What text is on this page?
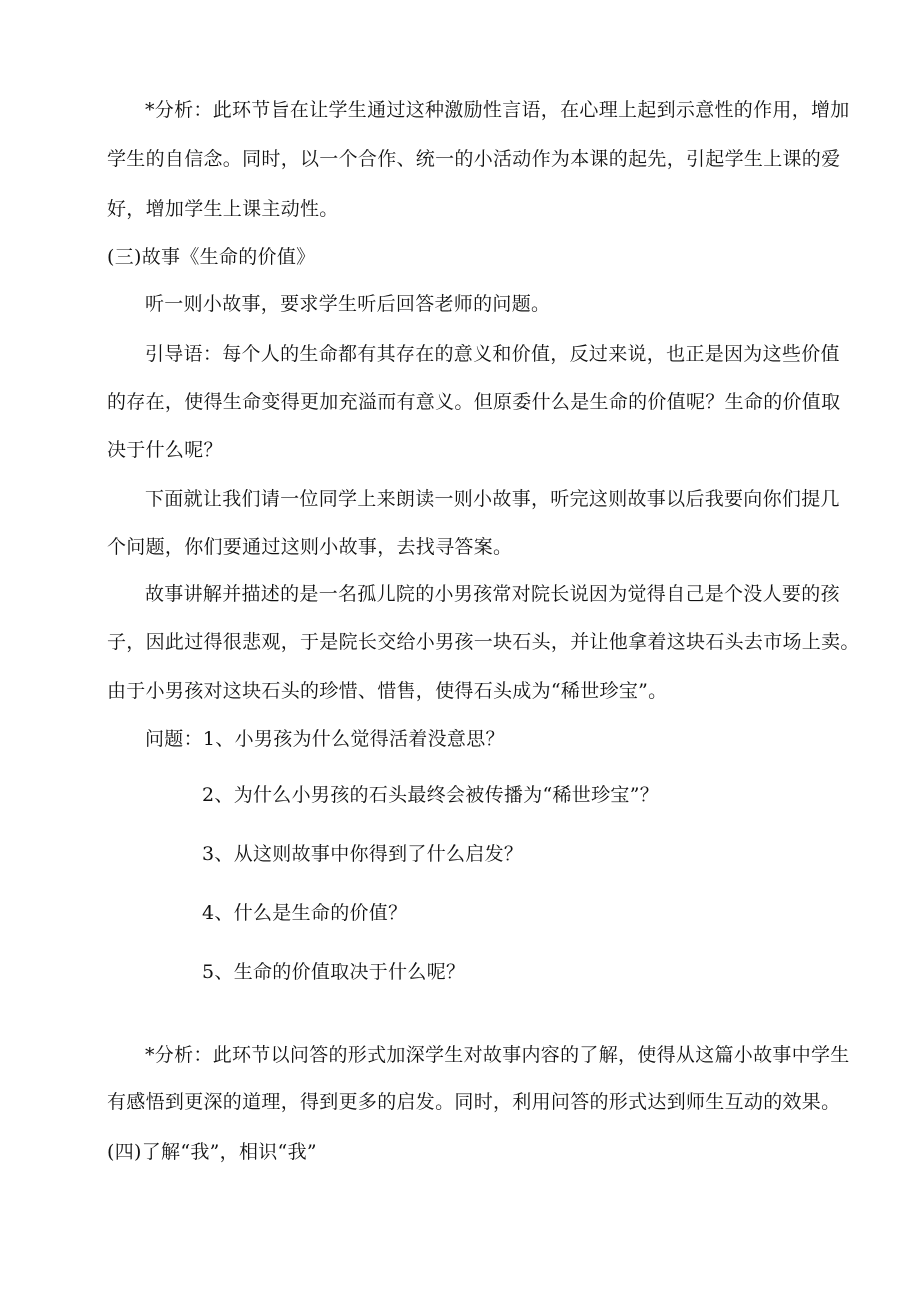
*分析：此环节旨在让学生通过这种激励性言语，在心理上起到示意性的作用，增加

学生的自信念。同时，以一个合作、统一的小活动作为本课的起先，引起学生上课的爱

好，增加学生上课主动性。

(三)故事《生命的价值》

听一则小故事，要求学生听后回答老师的问题。

引导语：每个人的生命都有其存在的意义和价值，反过来说，也正是因为这些价值

的存在，使得生命变得更加充溢而有意义。但原委什么是生命的价值呢？生命的价值取

决于什么呢？

下面就让我们请一位同学上来朗读一则小故事，听完这则故事以后我要向你们提几

个问题，你们要通过这则小故事，去找寻答案。

故事讲解并描述的是一名孤儿院的小男孩常对院长说因为觉得自己是个没人要的孩

子，因此过得很悲观，于是院长交给小男孩一块石头，并让他拿着这块石头去市场上卖。

由于小男孩对这块石头的珍惜、惜售，使得石头成为“稀世珍宝”。

问题：1、小男孩为什么觉得活着没意思？

2、为什么小男孩的石头最终会被传播为“稀世珍宝”？

3、从这则故事中你得到了什么启发？

4、什么是生命的价值？

5、生命的价值取决于什么呢？

*分析：此环节以问答的形式加深学生对故事内容的了解，使得从这篇小故事中学生

有感悟到更深的道理，得到更多的启发。同时，利用问答的形式达到师生互动的效果。

(四)了解“我”，相识“我”
